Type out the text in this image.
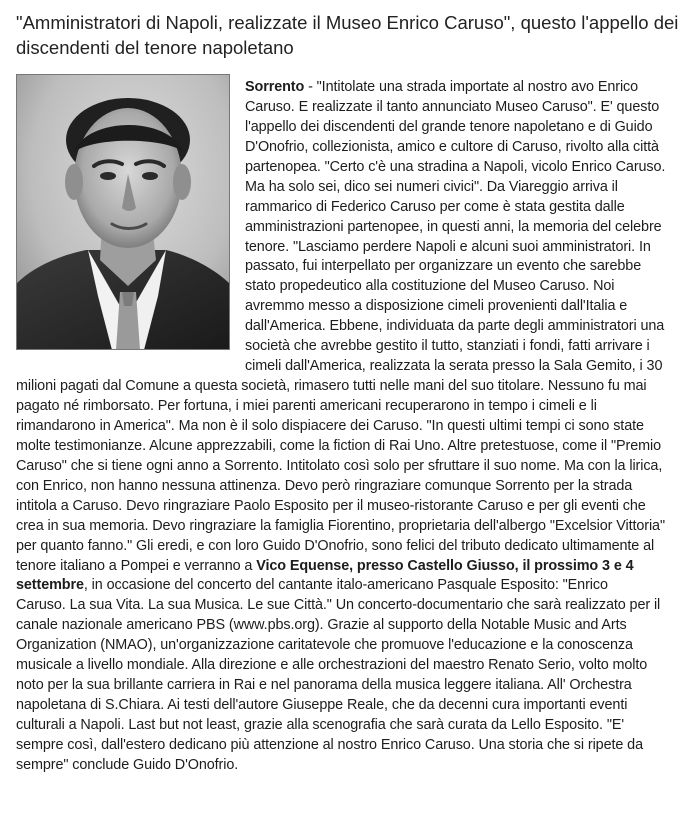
"Amministratori di Napoli, realizzate il Museo Enrico Caruso", questo l'appello dei
discendenti del tenore napoletano
Sorrento - "Intitolate una strada importate al nostro avo Enrico
Caruso. E realizzate il tanto annunciato Museo Caruso". E' questo
l'appello dei discendenti del grande tenore napoletano e di Guido
D'Onofrio, collezionista, amico e cultore di Caruso, rivolto alla città
partenopea. "Certo c'è una stradina a Napoli, vicolo Enrico Caruso.
Ma ha solo sei, dico sei numeri civici". Da Viareggio arriva il
rammarico di Federico Caruso per come è stata gestita dalle
amministrazioni partenopee, in questi anni, la memoria del celebre
tenore. "Lasciamo perdere Napoli e alcuni suoi amministratori. In
passato, fui interpellato per organizzare un evento che sarebbe
stato propedeutico alla costituzione del Museo Caruso. Noi
avremmo messo a disposizione cimeli provenienti dall'Italia e
dall'America. Ebbene, individuata da parte degli amministratori una
società che avrebbe gestito il tutto, stanziati i fondi, fatti arrivare i
cimeli dall'America, realizzata la serata presso la Sala Gemito, i 30
milioni pagati dal Comune a questa società, rimasero tutti nelle mani del suo titolare. Nessuno fu mai
pagato né rimborsato. Per fortuna, i miei parenti americani recuperarono in tempo i cimeli e li
rimandarono in America". Ma non è il solo dispiacere dei Caruso. "In questi ultimi tempi ci sono state
molte testimonianze. Alcune apprezzabili, come la fiction di Rai Uno. Altre pretestuose, come il "Premio
Caruso" che si tiene ogni anno a Sorrento. Intitolato così solo per sfruttare il suo nome. Ma con la lirica,
con Enrico, non hanno nessuna attinenza. Devo però ringraziare comunque Sorrento per la strada
intitola a Caruso. Devo ringraziare Paolo Esposito per il museo-ristorante Caruso e per gli eventi che
crea in sua memoria. Devo ringraziare la famiglia Fiorentino, proprietaria dell'albergo "Excelsior Vittoria"
per quanto fanno." Gli eredi, e con loro Guido D'Onofrio, sono felici del tributo dedicato ultimamente al
tenore italiano a Pompei e verranno a Vico Equense, presso Castello Giusso, il prossimo 3 e 4
settembre, in occasione del concerto del cantante italo-americano Pasquale Esposito: "Enrico
Caruso. La sua Vita. La sua Musica. Le sue Città." Un concerto-documentario che sarà realizzato per il
canale nazionale americano PBS (www.pbs.org). Grazie al supporto della Notable Music and Arts
Organization (NMAO), un'organizzazione caritatevole che promuove l'educazione e la conoscenza
musicale a livello mondiale. Alla direzione e alle orchestrazioni del maestro Renato Serio, volto molto
noto per la sua brillante carriera in Rai e nel panorama della musica leggere italiana. All' Orchestra
napoletana di S.Chiara. Ai testi dell'autore Giuseppe Reale, che da decenni cura importanti eventi
culturali a Napoli. Last but not least, grazie alla scenografia che sarà curata da Lello Esposito. "E'
sempre così, dall'estero dedicano più attenzione al nostro Enrico Caruso. Una storia che si ripete da
sempre" conclude Guido D'Onofrio.
